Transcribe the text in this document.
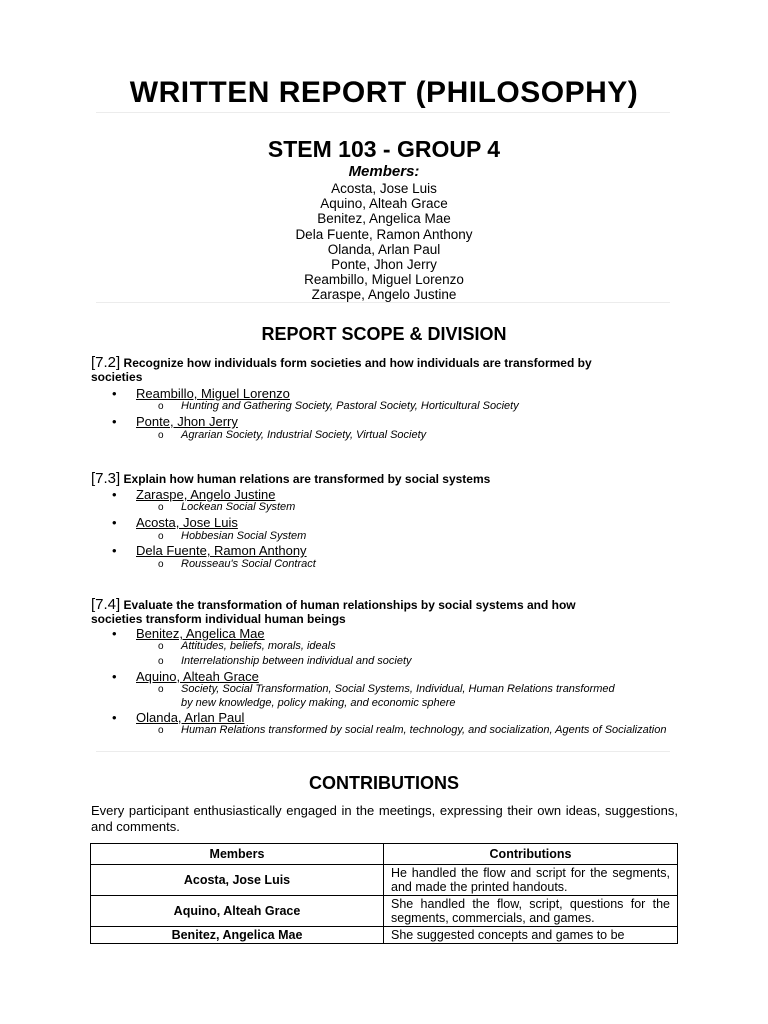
WRITTEN REPORT (PHILOSOPHY)
STEM 103 - GROUP 4
Members:
Acosta, Jose Luis
Aquino, Alteah Grace
Benitez, Angelica Mae
Dela Fuente, Ramon Anthony
Olanda, Arlan Paul
Ponte, Jhon Jerry
Reambillo, Miguel Lorenzo
Zaraspe, Angelo Justine
REPORT SCOPE & DIVISION
[7.2] Recognize how individuals form societies and how individuals are transformed by
societies
• Reambillo, Miguel Lorenzo
o Hunting and Gathering Society, Pastoral Society, Horticultural Society
• Ponte, Jhon Jerry
o Agrarian Society, Industrial Society, Virtual Society
[7.3] Explain how human relations are transformed by social systems
• Zaraspe, Angelo Justine
o Lockean Social System
• Acosta, Jose Luis
o Hobbesian Social System
• Dela Fuente, Ramon Anthony
o Rousseau's Social Contract
[7.4] Evaluate the transformation of human relationships by social systems and how
societies transform individual human beings
• Benitez, Angelica Mae
o Attitudes, beliefs, morals, ideals
o Interrelationship between individual and society
• Aquino, Alteah Grace
o Society, Social Transformation, Social Systems, Individual, Human Relations transformed by new knowledge, policy making, and economic sphere
• Olanda, Arlan Paul
o Human Relations transformed by social realm, technology, and socialization, Agents of Socialization
CONTRIBUTIONS
Every participant enthusiastically engaged in the meetings, expressing their own ideas, suggestions, and comments.
Members	Contributions
Acosta, Jose Luis	He handled the flow and script for the segments, and made the printed handouts.
Aquino, Alteah Grace	She handled the flow, script, questions for the segments, commercials, and games.
Benitez, Angelica Mae	She suggested concepts and games to be
